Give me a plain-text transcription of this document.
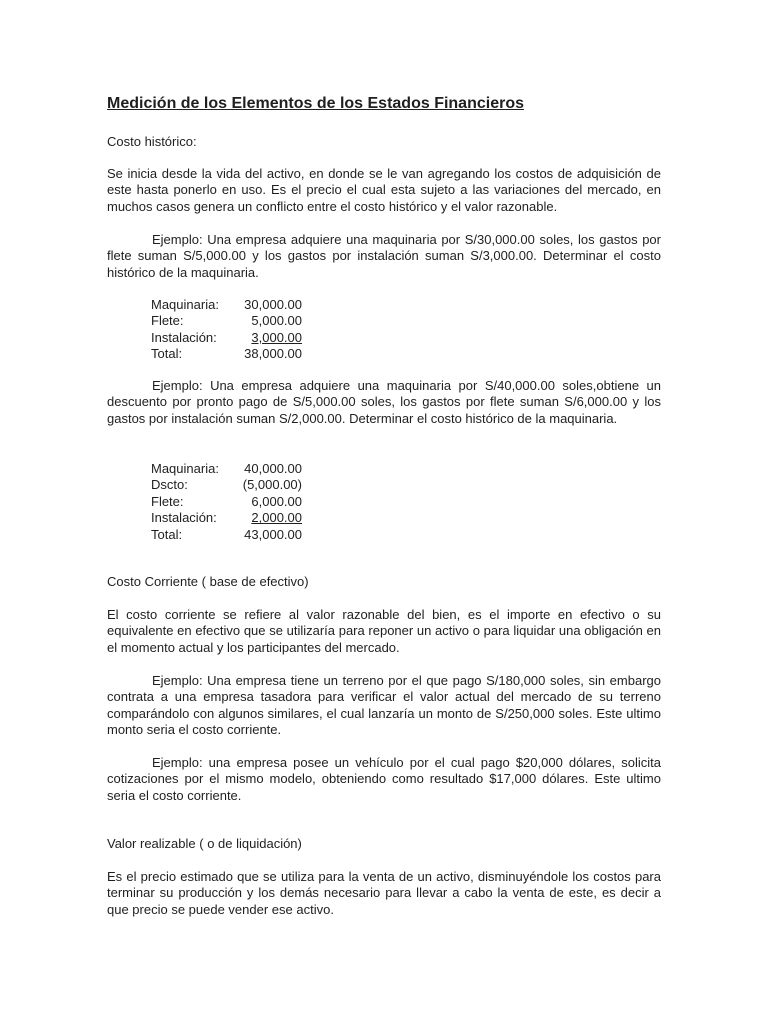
Medición de los Elementos de los Estados Financieros
Costo histórico:
Se inicia desde la vida del activo, en donde se le van agregando los costos de adquisición de este hasta ponerlo en uso. Es el precio el cual esta sujeto a las variaciones del mercado, en muchos casos genera un conflicto entre el costo histórico y el valor razonable.
Ejemplo: Una empresa adquiere una maquinaria por S/30,000.00 soles, los gastos por flete suman S/5,000.00 y los gastos por instalación suman S/3,000.00. Determinar el costo histórico de la maquinaria.
Maquinaria:	30,000.00
Flete:	5,000.00
Instalación:	3,000.00
Total:	38,000.00
Ejemplo: Una empresa adquiere una maquinaria por S/40,000.00 soles,obtiene un descuento por pronto pago de S/5,000.00 soles, los gastos por flete suman S/6,000.00 y los gastos por instalación suman S/2,000.00. Determinar el costo histórico de la maquinaria.
Maquinaria:	40,000.00
Dscto:	(5,000.00)
Flete:	6,000.00
Instalación:	2,000.00
Total:	43,000.00
Costo Corriente ( base de efectivo)
El costo corriente se refiere al valor razonable del bien, es el importe en efectivo o su equivalente en efectivo que se utilizaría para reponer un activo o para liquidar una obligación en el momento actual y los participantes del mercado.
Ejemplo: Una empresa tiene un terreno por el que pago S/180,000 soles, sin embargo contrata a una empresa tasadora para verificar el valor actual del mercado de su terreno comparándolo con algunos similares, el cual lanzaría un monto de S/250,000 soles. Este ultimo monto seria el costo corriente.
Ejemplo: una empresa posee un vehículo por el cual pago $20,000 dólares, solicita cotizaciones por el mismo modelo, obteniendo como resultado $17,000 dólares. Este ultimo seria el costo corriente.
Valor realizable ( o de liquidación)
Es el precio estimado que se utiliza para la venta de un activo, disminuyéndole los costos para terminar su producción y los demás necesario para llevar a cabo la venta de este, es decir a que precio se puede vender ese activo.
